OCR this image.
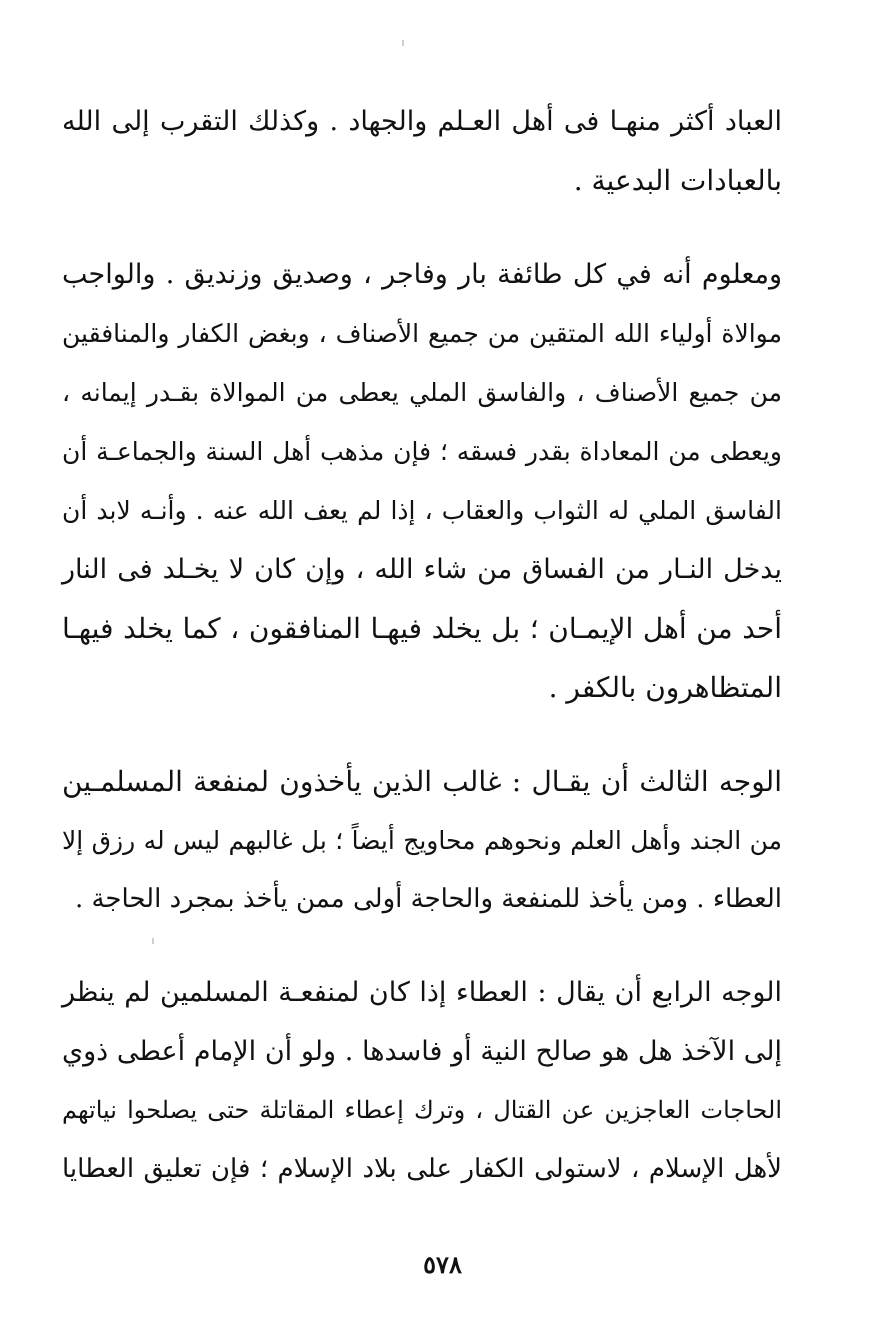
العباد أكثر منهـا فى أهل العـلم والجهاد . وكذلك التقرب إلى الله
بالعبادات البدعية .
ومعلوم أنه في كل طائفة بار وفاجر ، وصديق وزنديق . والواجب
موالاة أولياء الله المتقين من جميع الأصناف ، وبغض الكفار والمنافقين
من جميع الأصناف ، والفاسق الملي يعطى من الموالاة بقـدر إيمانه ،
ويعطى من المعاداة بقدر فسقه ؛ فإن مذهب أهل السنة والجماعـة أن
الفاسق الملي له الثواب والعقاب ، إذا لم يعف الله عنه . وأنـه لابد أن
يدخل النـار من الفساق من شاء الله ، وإن كان لا يخـلد فى النار
أحد من أهل الإيمـان ؛ بل يخلد فيهـا المنافقون ، كما يخلد فيهـا
المتظاهرون بالكفر .
الوجه الثالث أن يقـال : غالب الذين يأخذون لمنفعة المسلمـين
من الجند وأهل العلم ونحوهم محاويج أيضاً ؛ بل غالبهم ليس له رزق إلا
العطاء . ومن يأخذ للمنفعة والحاجة أولى ممن يأخذ بمجرد الحاجة .
الوجه الرابع أن يقال : العطاء إذا كان لمنفعـة المسلمين لم ينظر
إلى الآخذ هل هو صالح النية أو فاسدها . ولو أن الإمام أعطى ذوي
الحاجات العاجزين عن القتال ، وترك إعطاء المقاتلة حتى يصلحوا نياتهم
لأهل الإسلام ، لاستولى الكفار على بلاد الإسلام ؛ فإن تعليق العطايا
٥٧٨
